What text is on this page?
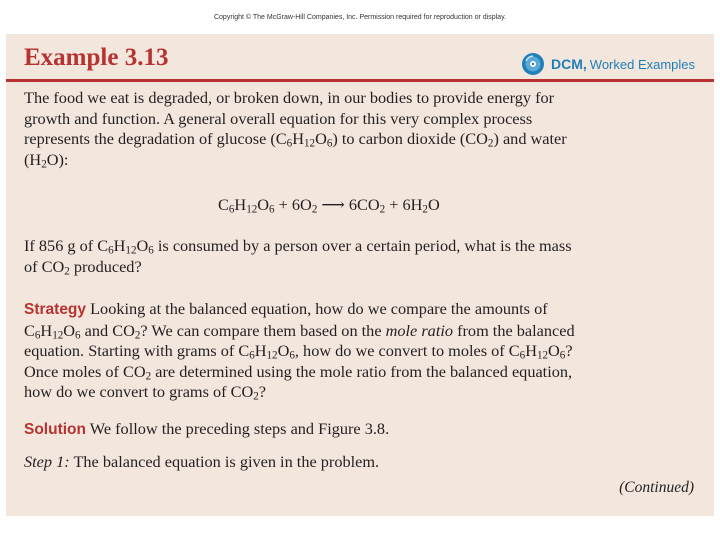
Copyright © The McGraw-Hill Companies, Inc. Permission required for reproduction or display.
Example 3.13	DCM, Worked Examples

The food we eat is degraded, or broken down, in our bodies to provide energy for
growth and function. A general overall equation for this very complex process
represents the degradation of glucose $(C_6H_{12}O_6)$ to carbon dioxide $(CO_2)$ and water
$(H_2O)$:

$C_6H_{12}O_6 + 6O_2$ ⟶ $6CO_2 + 6H_2O$

If 856 g of $C_6H_{12}O_6$ is consumed by a person over a certain period, what is the mass
of $CO_2$ produced?

Strategy Looking at the balanced equation, how do we compare the amounts of
$C_6H_{12}O_6$ and $CO_2$? We can compare them based on the mole ratio from the balanced
equation. Starting with grams of $C_6H_{12}O_6$, how do we convert to moles of $C_6H_{12}O_6$?
Once moles of $CO_2$ are determined using the mole ratio from the balanced equation,
how do we convert to grams of $CO_2$?

Solution We follow the preceding steps and Figure 3.8.

Step 1: The balanced equation is given in the problem.

(Continued)
